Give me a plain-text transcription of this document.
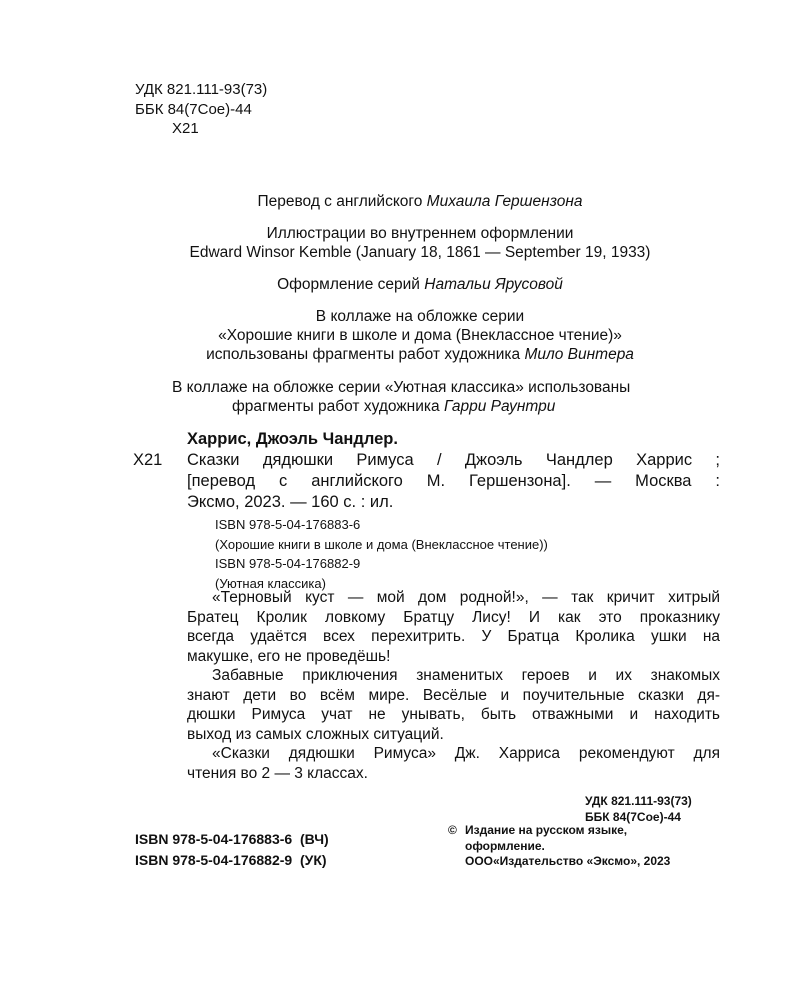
УДК 821.111-93(73)
ББК 84(7Сое)-44
Х21
Перевод с английского Михаила Гершензона
Иллюстрации во внутреннем оформлении
Edward Winsor Kemble (January 18, 1861 — September 19, 1933)
Оформление серий Натальи Ярусовой
В коллаже на обложке серии
«Хорошие книги в школе и дома (Внеклассное чтение)»
использованы фрагменты работ художника Мило Винтера
В коллаже на обложке серии «Уютная классика» использованы
фрагменты работ художника Гарри Раунтри
Харрис, Джоэль Чандлер.
Х21	Сказки дядюшки Римуса / Джоэль Чандлер Харрис ;
[перевод с английского М. Гершензона]. — Москва :
Эксмо, 2023. — 160 с. : ил.
ISBN 978-5-04-176883-6
(Хорошие книги в школе и дома (Внеклассное чтение))
ISBN 978-5-04-176882-9
(Уютная классика)

«Терновый куст — мой дом родной!», — так кричит хитрый

Братец Кролик ловкому Братцу Лису! И как это проказнику
всегда удаётся всех перехитрить. У Братца Кролика ушки на
макушке, его не проведёшь!

Забавные приключения знаменитых героев и их знакомых

знают дети во всём мире. Весёлые и поучительные сказки дя-
дюшки Римуса учат не унывать, быть отважными и находить
выход из самых сложных ситуаций.

«Сказки дядюшки Римуса» Дж. Харриса рекомендуют для

чтения во 2 — 3 классах.
УДК 821.111-93(73)
ББК 84(7Сое)-44
ISBN 978-5-04-176883-6  (ВЧ)
ISBN 978-5-04-176882-9  (УК)
© Издание на русском языке,
оформление.
ООО«Издательство «Эксмо», 2023
